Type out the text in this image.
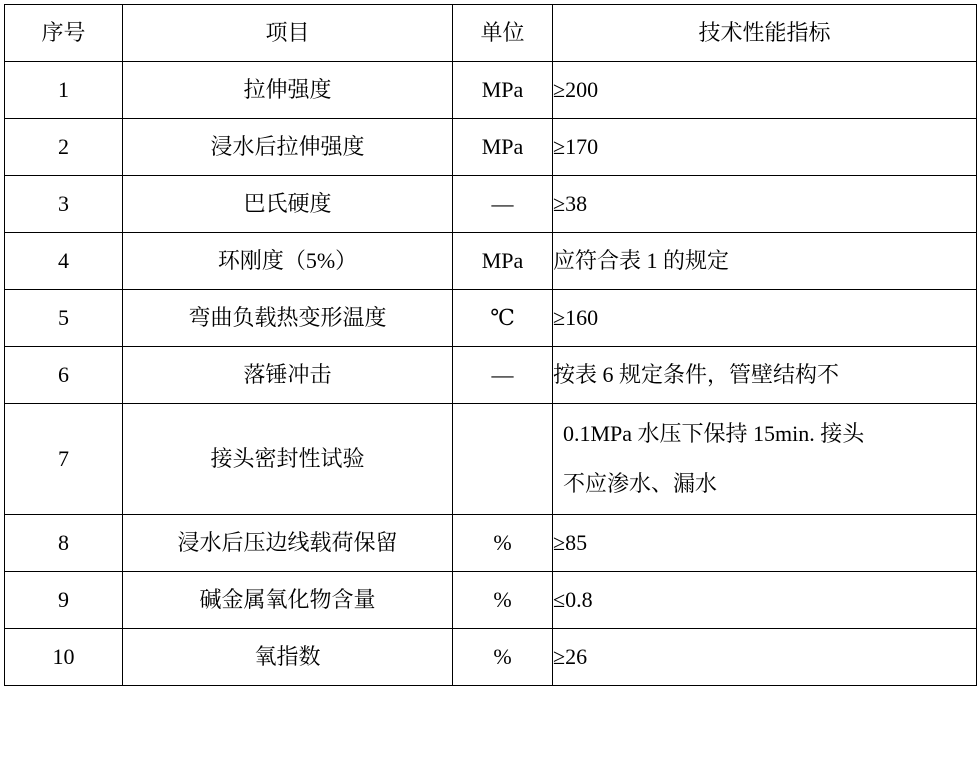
序号	项目	单位	技术性能指标
1	拉伸强度	MPa	≥200
2	浸水后拉伸强度	MPa	≥170
3	巴氏硬度	—	≥38
4	环刚度（5%）	MPa	应符合表 1 的规定
5	弯曲负载热变形温度	℃	≥160
6	落锤冲击	—	按表 6 规定条件，管壁结构不
7	接头密封性试验		0.1MPa 水压下保持 15min. 接头
不应渗水、漏水

8	浸水后压边线载荷保留	%	≥85
9	碱金属氧化物含量	%	≤0.8
10	氧指数	%	≥26
